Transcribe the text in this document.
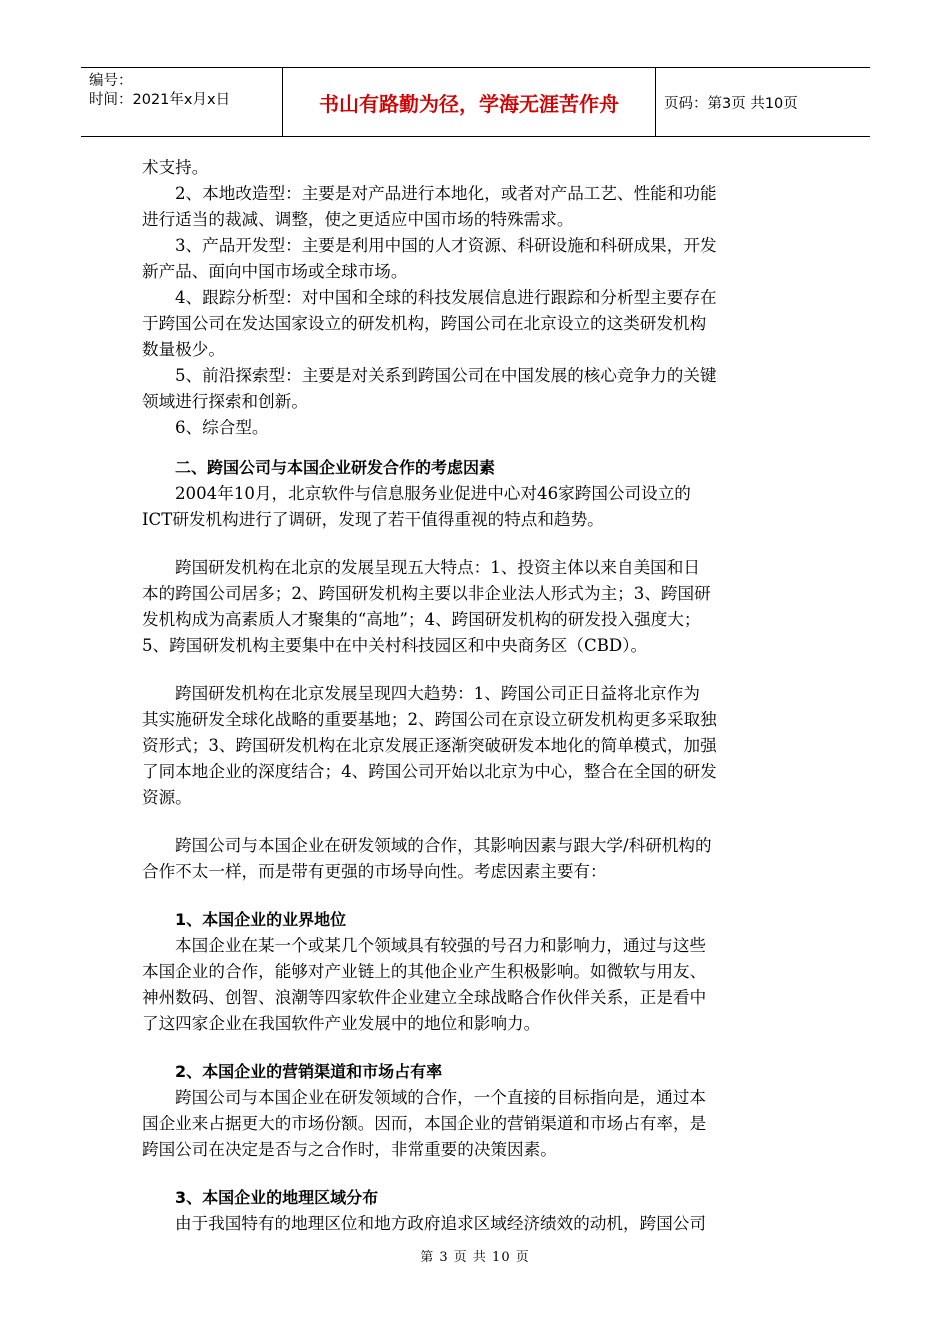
编号：
时间：2021年x月x日	书山有路勤为径，学海无涯苦作舟	页码：第3页 共10页
术支持。
2、本地改造型：主要是对产品进行本地化，或者对产品工艺、性能和功能
进行适当的裁减、调整，使之更适应中国市场的特殊需求。
3、产品开发型：主要是利用中国的人才资源、科研设施和科研成果，开发
新产品、面向中国市场或全球市场。
4、跟踪分析型：对中国和全球的科技发展信息进行跟踪和分析型主要存在
于跨国公司在发达国家设立的研发机构，跨国公司在北京设立的这类研发机构
数量极少。
5、前沿探索型：主要是对关系到跨国公司在中国发展的核心竞争力的关键
领域进行探索和创新。
6、综合型。
二、跨国公司与本国企业研发合作的考虑因素
2004年10月，北京软件与信息服务业促进中心对46家跨国公司设立的
ICT研发机构进行了调研，发现了若干值得重视的特点和趋势。
跨国研发机构在北京的发展呈现五大特点：1、投资主体以来自美国和日
本的跨国公司居多；2、跨国研发机构主要以非企业法人形式为主；3、跨国研
发机构成为高素质人才聚集的“高地”；4、跨国研发机构的研发投入强度大；
5、跨国研发机构主要集中在中关村科技园区和中央商务区（CBD）。
跨国研发机构在北京发展呈现四大趋势：1、跨国公司正日益将北京作为
其实施研发全球化战略的重要基地；2、跨国公司在京设立研发机构更多采取独
资形式；3、跨国研发机构在北京发展正逐渐突破研发本地化的简单模式，加强
了同本地企业的深度结合；4、跨国公司开始以北京为中心，整合在全国的研发
资源。
跨国公司与本国企业在研发领域的合作，其影响因素与跟大学/科研机构的
合作不太一样，而是带有更强的市场导向性。考虑因素主要有：
1、本国企业的业界地位
本国企业在某一个或某几个领域具有较强的号召力和影响力，通过与这些
本国企业的合作，能够对产业链上的其他企业产生积极影响。如微软与用友、
神州数码、创智、浪潮等四家软件企业建立全球战略合作伙伴关系，正是看中
了这四家企业在我国软件产业发展中的地位和影响力。
2、本国企业的营销渠道和市场占有率
跨国公司与本国企业在研发领域的合作，一个直接的目标指向是，通过本
国企业来占据更大的市场份额。因而，本国企业的营销渠道和市场占有率，是
跨国公司在决定是否与之合作时，非常重要的决策因素。
3、本国企业的地理区域分布
由于我国特有的地理区位和地方政府追求区域经济绩效的动机，跨国公司
第 3 页 共 10 页
